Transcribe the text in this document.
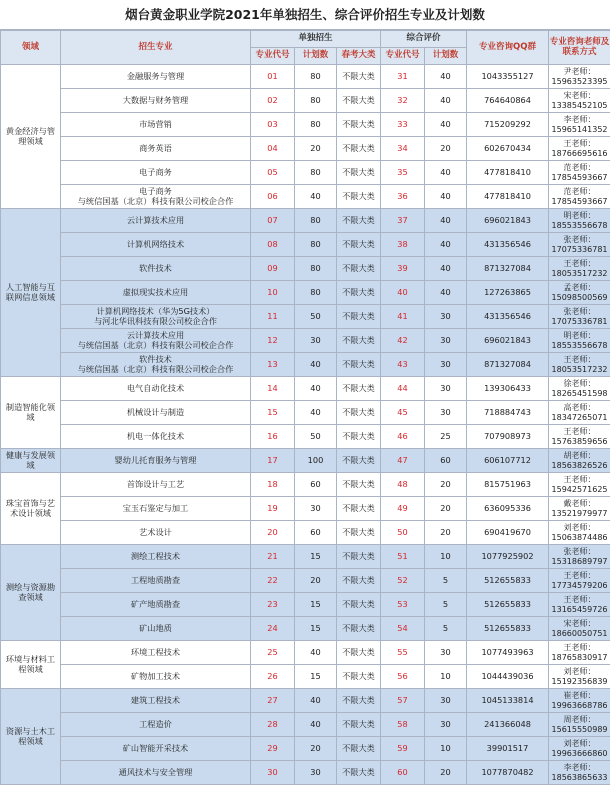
烟台黄金职业学院2021年单独招生、综合评价招生专业及计划数
领域	招生专业	单独招生			综合评价		专业咨询QQ群	专业咨询老师及联系方式
		专业代号	计划数	春考大类	专业代号	计划数		
黄金经济与管理领域	金融服务与管理	01	80	不限大类	31	40	1043355127	尹老师：
15963523395
	大数据与财务管理	02	80	不限大类	32	40	764640864	宋老师：
13385452105
	市场营销	03	80	不限大类	33	40	715209292	李老师：
15965141352
	商务英语	04	20	不限大类	34	20	602670434	王老师：
18766695616
	电子商务	05	80	不限大类	35	40	477818410	范老师：
17854593667
	电子商务
与统信国基（北京）科技有限公司校企合作	06	40	不限大类	36	40	477818410	范老师：
17854593667
人工智能与互联网信息领域	云计算技术应用	07	80	不限大类	37	40	696021843	明老师：
18553556678
	计算机网络技术	08	80	不限大类	38	40	431356546	张老师：
17075336781
	软件技术	09	80	不限大类	39	40	871327084	王老师：
18053517232
	虚拟现实技术应用	10	80	不限大类	40	40	127263865	孟老师：
15098500569
	计算机网络技术（华为5G技术）
与河北华讯科技有限公司校企合作	11	50	不限大类	41	30	431356546	张老师：
17075336781
	云计算技术应用
与统信国基（北京）科技有限公司校企合作	12	30	不限大类	42	30	696021843	明老师：
18553556678
	软件技术
与统信国基（北京）科技有限公司校企合作	13	40	不限大类	43	30	871327084	王老师：
18053517232
制造智能化领域	电气自动化技术	14	40	不限大类	44	30	139306433	徐老师：
18265451598
	机械设计与制造	15	40	不限大类	45	30	718884743	高老师：
18347265071
	机电一体化技术	16	50	不限大类	46	25	707908973	王老师：
15763859656
健康与发展领域	婴幼儿托育服务与管理	17	100	不限大类	47	60	606107712	胡老师：
18563826526
珠宝首饰与艺术设计领域	首饰设计与工艺	18	60	不限大类	48	20	815751963	王老师：
15942571625
	宝玉石鉴定与加工	19	30	不限大类	49	20	636095336	戴老师：
13521979977
	艺术设计	20	60	不限大类	50	20	690419670	刘老师：
15063874486
测绘与资源勘查领域	测绘工程技术	21	15	不限大类	51	10	1077925902	张老师：
15318689797
	工程地质勘查	22	20	不限大类	52	5	512655833	王老师：
17734579206
	矿产地质勘查	23	15	不限大类	53	5	512655833	王老师：
13165459726
	矿山地质	24	15	不限大类	54	5	512655833	宋老师：
18660050751
环境与材料工程领域	环境工程技术	25	40	不限大类	55	30	1077493963	王老师：
18765830917
	矿物加工技术	26	15	不限大类	56	10	1044439036	刘老师：
15192356839
资源与土木工程领域	建筑工程技术	27	40	不限大类	57	30	1045133814	崔老师：
19963668786
	工程造价	28	40	不限大类	58	30	241366048	周老师：
15615550989
	矿山智能开采技术	29	20	不限大类	59	10	39901517	刘老师：
19963666860
	通风技术与安全管理	30	30	不限大类	60	20	1077870482	李老师：
18563865633
